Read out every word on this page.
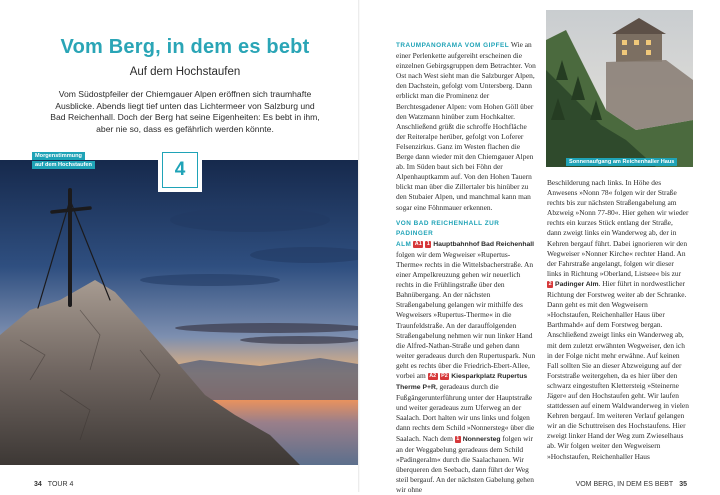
Vom Berg, in dem es bebt
Auf dem Hochstaufen
Vom Südostpfeiler der Chiemgauer Alpen eröffnen sich traumhafte Ausblicke. Abends liegt tief unten das Lichtermeer von Salzburg und Bad Reichenhall. Doch der Berg hat seine Eigenheiten: Es bebt in ihm, aber nie so, dass es gefährlich werden könnte.
Morgenstimmung
auf dem Hochstaufen	4
34 TOUR 4
Sonnenaufgang am Reichenhaller Haus

TRAUMPANORAMA VOM GIPFEL Wie an einer Perlenkette aufgereiht erscheinen die einzelnen Gebirgsgruppen dem Betrachter. Von Ost nach West sieht man die Salzburger Alpen, den Dachstein, gefolgt vom Untersberg. Dann erblickt man die Prominenz der Berchtesgadener Alpen: vom Hohen Göll über den Watzmann hinüber zum Hochkalter. Anschließend grüßt die schroffe Hochfläche der Reiteralpe herüber, gefolgt von Loferer Felsenzirkus. Ganz im Westen flachen die Berge dann wieder mit den Chiemgauer Alpen ab. Im Süden baut sich bei Föhn der Alpenhauptkamm auf. Von den Hohen Tauern blickt man über die Zillertaler bis hinüber zu den Stubaier Alpen, und manchmal kann man sogar eine Föhnmauer erkennen.

VON BAD REICHENHALL ZUR PADINGER

ALM A1 1 Hauptbahnhof Bad Reichenhall folgen wir dem Wegweiser »Rupertus-Therme« rechts in die Wittelsbacherstraße. An einer Ampelkreuzung gehen wir neuerlich rechts in die Frühlingstraße über den Bahnübergang. An der nächsten Straßengabelung gelangen wir mithilfe des Wegweisers »Rupertus-Therme« in die Traunfeldstraße. An der darauffolgenden Straßengabelung nehmen wir nun linker Hand die Alfred-Nathan-Straße und gehen dann weiter geradeaus durch den Rupertuspark. Nun geht es rechts über die Friedrich-Ebert-Allee, vorbei am A2 P2 Kiesparkplatz Rupertus Therme P+R, geradeaus durch die Fußgängerunterführung unter der Hauptstraße und weiter geradeaus zum Uferweg an der Saalach. Dort halten wir uns links und folgen dann rechts dem Schild »Nonnersteg« über die Saalach. Nach dem 1 Nonnersteg folgen wir an der Weggabelung geradeaus dem Schild »Padingeralm« durch die Saalachauen. Wir überqueren den Seebach, dann führt der Weg steil bergauf. An der nächsten Gabelung gehen wir ohne

Beschilderung nach links. In Höhe des Anwesens »Nonn 78« folgen wir der Straße rechts bis zur nächsten Straßengabelung am Abzweig »Nonn 77-80«. Hier gehen wir wieder rechts ein kurzes Stück entlang der Straße, dann zweigt links ein Wanderweg ab, der in Kehren bergauf führt. Dabei ignorieren wir den Wegweiser »Nonner Kirche« rechter Hand. An der Fahrstraße angelangt, folgen wir dieser links in Richtung »Oberland, Listsee« bis zur 2 Padinger Alm. Hier führt in nordwestlicher Richtung der Forstweg weiter ab der Schranke. Dann geht es mit den Wegweisern »Hochstaufen, Reichenhaller Haus über Barthmahd« auf dem Forstweg bergan. Anschließend zweigt links ein Wanderweg ab, mit dem zuletzt erwähnten Wegweiser, den ich in der Folge nicht mehr erwähne. Auf keinen Fall sollten Sie an dieser Abzweigung auf der Forststraße weitergehen, da es hier über den schwarz eingestuften Klettersteig »Steinerne Jäger« auf den Hochstaufen geht. Wir laufen stattdessen auf einem Waldwanderweg in vielen Kehren bergauf. Im weiteren Verlauf gelangen wir an die Schuttreisen des Hochstaufens. Hier zweigt linker Hand der Weg zum Zwieselhaus ab. Wir folgen weiter den Wegweisern »Hochstaufen, Reichenhaller Haus

VOM BERG, IN DEM ES BEBT 35
